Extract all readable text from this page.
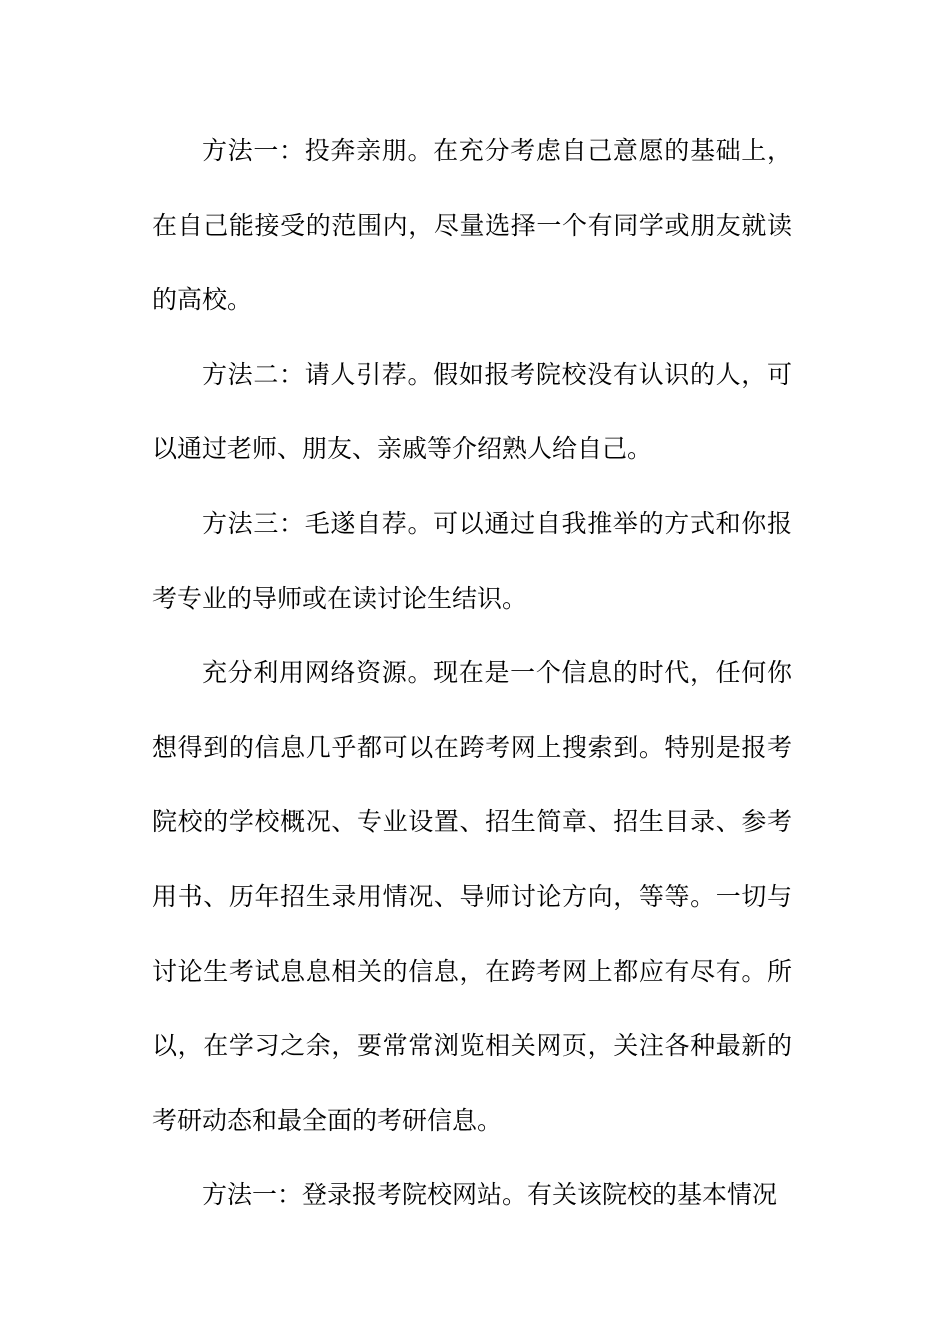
方法一：投奔亲朋。在充分考虑自己意愿的基础上，在自己能接受的范围内，尽量选择一个有同学或朋友就读的高校。

方法二：请人引荐。假如报考院校没有认识的人，可以通过老师、朋友、亲戚等介绍熟人给自己。

方法三：毛遂自荐。可以通过自我推举的方式和你报考专业的导师或在读讨论生结识。

充分利用网络资源。现在是一个信息的时代，任何你想得到的信息几乎都可以在跨考网上搜索到。特别是报考院校的学校概况、专业设置、招生简章、招生目录、参考用书、历年招生录用情况、导师讨论方向，等等。一切与讨论生考试息息相关的信息，在跨考网上都应有尽有。所以，在学习之余，要常常浏览相关网页，关注各种最新的考研动态和最全面的考研信息。

方法一：登录报考院校网站。有关该院校的基本情况
